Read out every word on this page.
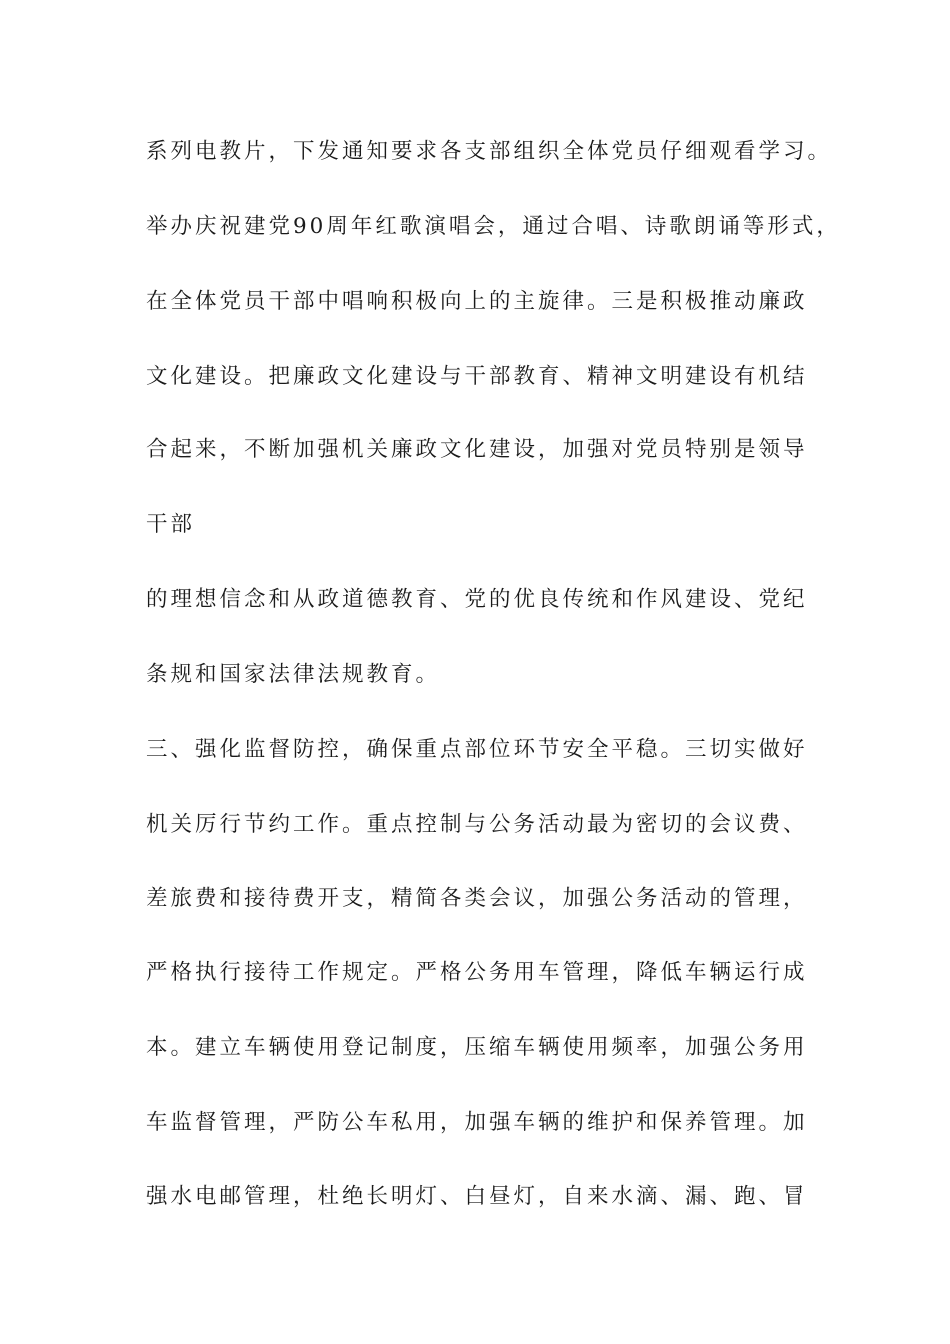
系列电教片，下发通知要求各支部组织全体党员仔细观看学习。

举办庆祝建党90周年红歌演唱会，通过合唱、诗歌朗诵等形式，

在全体党员干部中唱响积极向上的主旋律。三是积极推动廉政

文化建设。把廉政文化建设与干部教育、精神文明建设有机结

合起来，不断加强机关廉政文化建设，加强对党员特别是领导

干部

的理想信念和从政道德教育、党的优良传统和作风建设、党纪

条规和国家法律法规教育。

三、强化监督防控，确保重点部位环节安全平稳。三切实做好

机关厉行节约工作。重点控制与公务活动最为密切的会议费、

差旅费和接待费开支，精简各类会议，加强公务活动的管理，

严格执行接待工作规定。严格公务用车管理，降低车辆运行成

本。建立车辆使用登记制度，压缩车辆使用频率，加强公务用

车监督管理，严防公车私用，加强车辆的维护和保养管理。加

强水电邮管理，杜绝长明灯、白昼灯，自来水滴、漏、跑、冒
